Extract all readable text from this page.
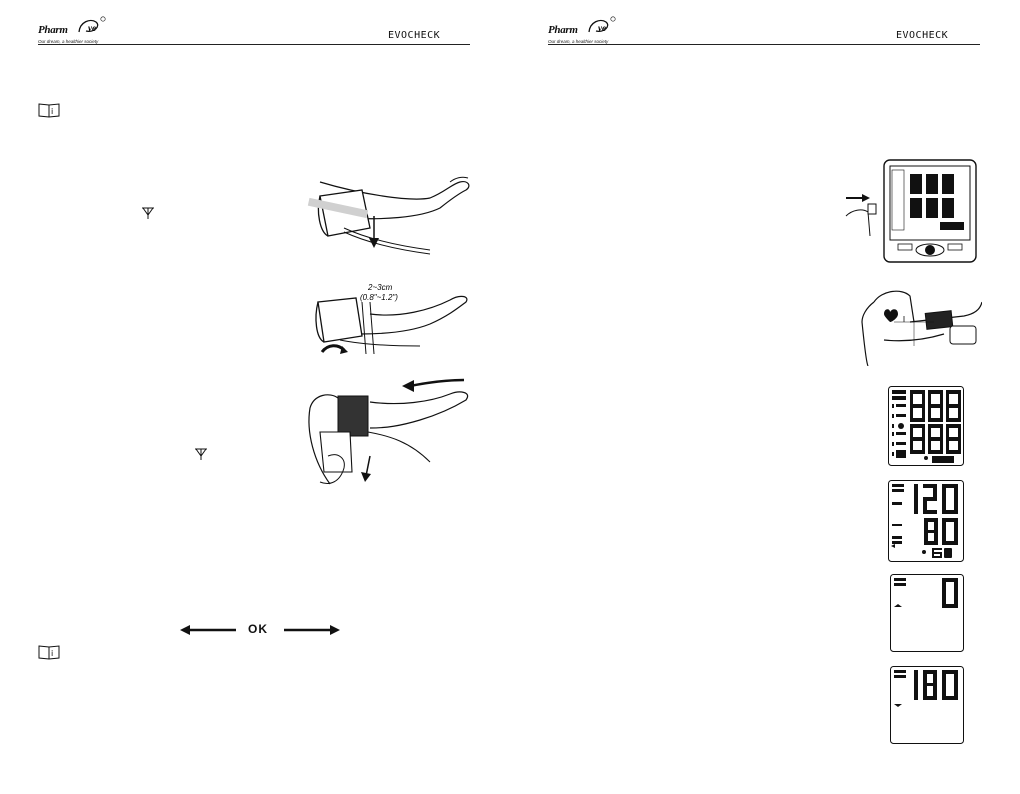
Pharm ve
Our dream, a healthier society
EVOCHECK
i
2~3cm
(0.8"~1.2")
OK
i
Pharm ve
Our dream, a healthier society
EVOCHECK
